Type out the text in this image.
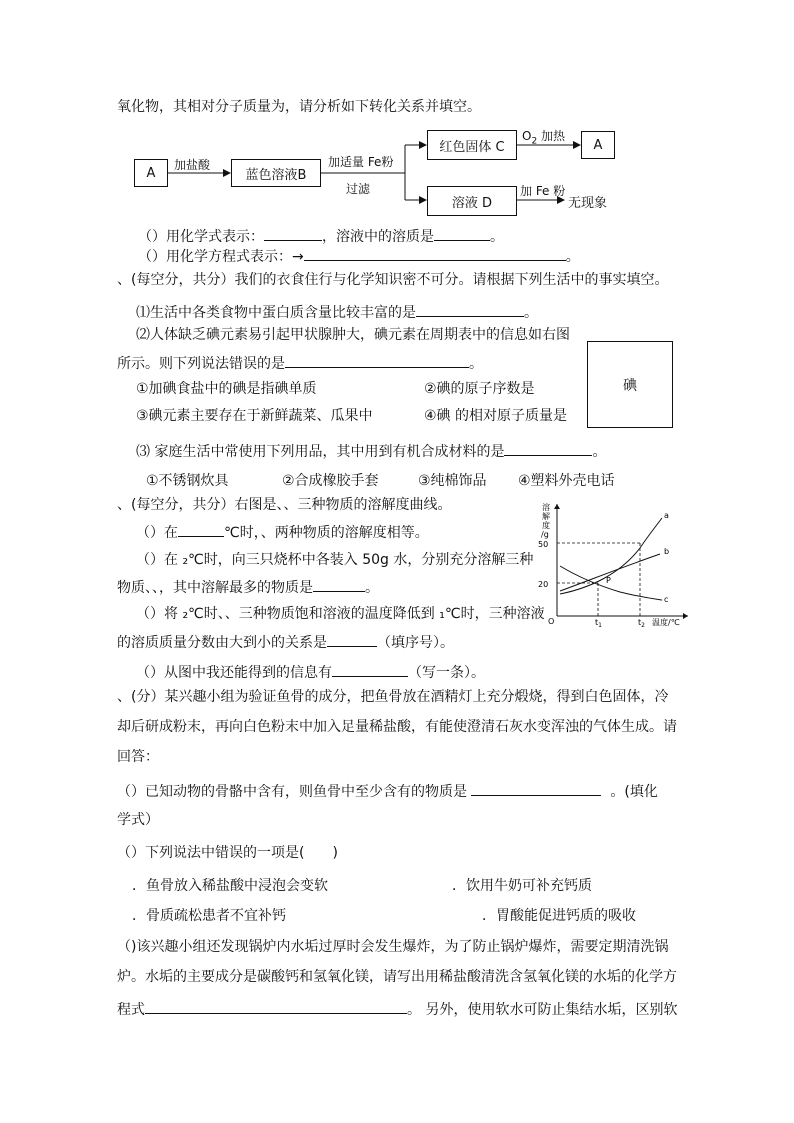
氧化物，其相对分子质量为，请分析如下转化关系并填空。
A
加盐酸
蓝色溶液B
加适量 Fe粉
过滤
红色固体 C
$O_2$ 加热
A
溶液 D
加 Fe 粉
无现象
（）用化学式表示：	，溶液中的溶质是	。
（）用化学方程式表示：→	。
、(每空分，共分）我们的衣食住行与化学知识密不可分。请根据下列生活中的事实填空。
⑴生活中各类食物中蛋白质含量比较丰富的是	。
⑵人体缺乏碘元素易引起甲状腺肿大，碘元素在周期表中的信息如右图
所示。则下列说法错误的是	。
碘
①加碘食盐中的碘是指碘单质	②碘的原子序数是
③碘元素主要存在于新鲜蔬菜、瓜果中	④碘 的相对原子质量是
⑶ 家庭生活中常使用下列用品，其中用到有机合成材料的是	。
①不锈钢炊具	②合成橡胶手套	③纯棉饰品 ④塑料外壳电话
、(每空分，共分）右图是、、三种物质的溶解度曲线。
（）在	℃时，、两种物质的溶解度相等。
（）在 ₂℃时，向三只烧杯中各装入 50g 水，分别充分溶解三种
物质、、，其中溶解最多的物质是	。
（）将 ₂℃时、、三种物质饱和溶液的温度降低到 ₁℃时，三种溶液
的溶质质量分数由大到小的关系是	（填序号）。
（）从图中我还能得到的信息有	（写一条）。
溶
解
度
/g
50
20
O	$t_1$	$t_2$ 温度/℃
a
b
c
P
、(分）某兴趣小组为验证鱼骨的成分，把鱼骨放在酒精灯上充分煅烧，得到白色固体，冷
却后研成粉末，再向白色粉末中加入足量稀盐酸，有能使澄清石灰水变浑浊的气体生成。请
回答：
（）已知动物的骨骼中含有，则鱼骨中至少含有的物质是	。(填化
学式）
（）下列说法中错误的一项是(　　)
．鱼骨放入稀盐酸中浸泡会变软	．饮用牛奶可补充钙质
．骨质疏松患者不宜补钙	．胃酸能促进钙质的吸收
（)该兴趣小组还发现锅炉内水垢过厚时会发生爆炸，为了防止锅炉爆炸，需要定期清洗锅
炉。水垢的主要成分是碳酸钙和氢氧化镁，请写出用稀盐酸清洗含氢氧化镁的水垢的化学方
程式	。 另外，使用软水可防止集结水垢，区别软
